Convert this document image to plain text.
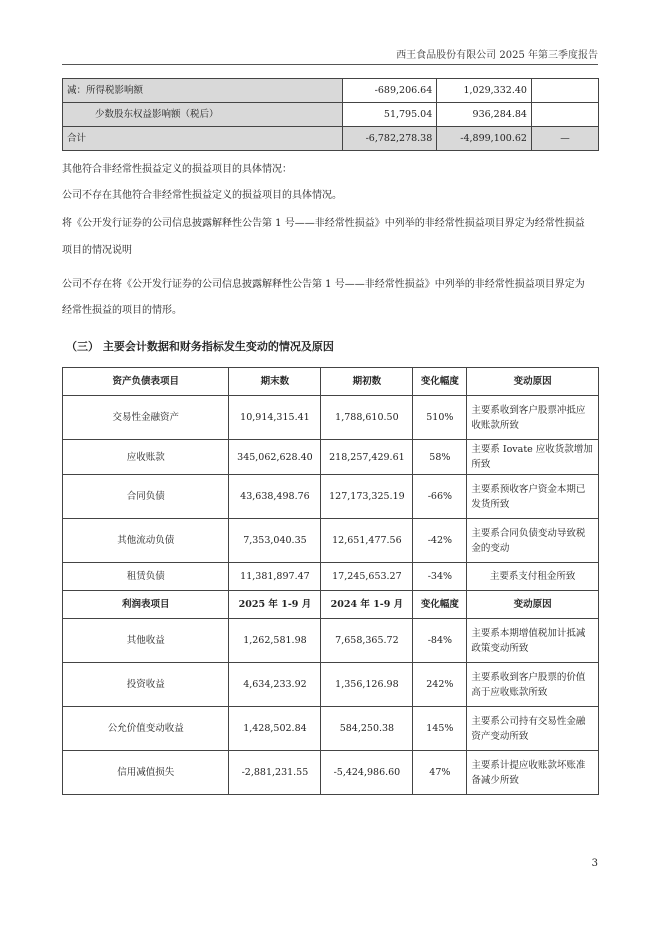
西王食品股份有限公司 2025 年第三季度报告
减：所得税影响额	-689,206.64	1,029,332.40	
少数股东权益影响额（税后）	51,795.04	936,284.84	
合计	-6,782,278.38	-4,899,100.62	—

其他符合非经常性损益定义的损益项目的具体情况：

公司不存在其他符合非经常性损益定义的损益项目的具体情况。

将《公开发行证券的公司信息披露解释性公告第 1 号——非经常性损益》中列举的非经常性损益项目界定为经常性损益

项目的情况说明

公司不存在将《公开发行证券的公司信息披露解释性公告第 1 号——非经常性损益》中列举的非经常性损益项目界定为

经常性损益的项目的情形。

（三） 主要会计数据和财务指标发生变动的情况及原因
资产负债表项目	期末数	期初数	变化幅度	变动原因
交易性金融资产	10,914,315.41	1,788,610.50	510%	主要系收到客户股票冲抵应收账款所致
应收账款	345,062,628.40	218,257,429.61	58%	主要系 Iovate 应收货款增加所致
合同负债	43,638,498.76	127,173,325.19	-66%	主要系预收客户资金本期已发货所致
其他流动负债	7,353,040.35	12,651,477.56	-42%	主要系合同负债变动导致税金的变动
租赁负债	11,381,897.47	17,245,653.27	-34%	主要系支付租金所致
利润表项目	2025 年 1-9 月	2024 年 1-9 月	变化幅度	变动原因
其他收益	1,262,581.98	7,658,365.72	-84%	主要系本期增值税加计抵减政策变动所致
投资收益	4,634,233.92	1,356,126.98	242%	主要系收到客户股票的价值高于应收账款所致
公允价值变动收益	1,428,502.84	584,250.38	145%	主要系公司持有交易性金融资产变动所致
信用减值损失	-2,881,231.55	-5,424,986.60	47%	主要系计提应收账款坏账准备减少所致
3
